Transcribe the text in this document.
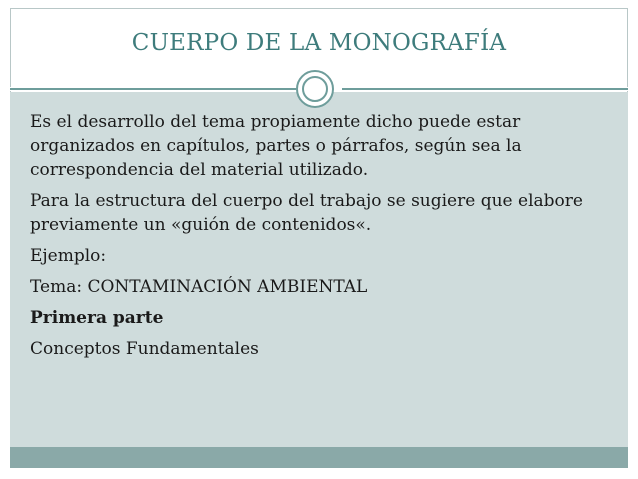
CUERPO DE LA MONOGRAFÍA

Es el desarrollo del tema propiamente dicho puede estar organizados en capítulos, partes o párrafos, según sea la correspondencia del material utilizado.

Para la estructura del cuerpo del trabajo se sugiere que elabore previamente un «guión de contenidos«.

Ejemplo:

Tema: CONTAMINACIÓN AMBIENTAL

Primera parte

Conceptos Fundamentales
